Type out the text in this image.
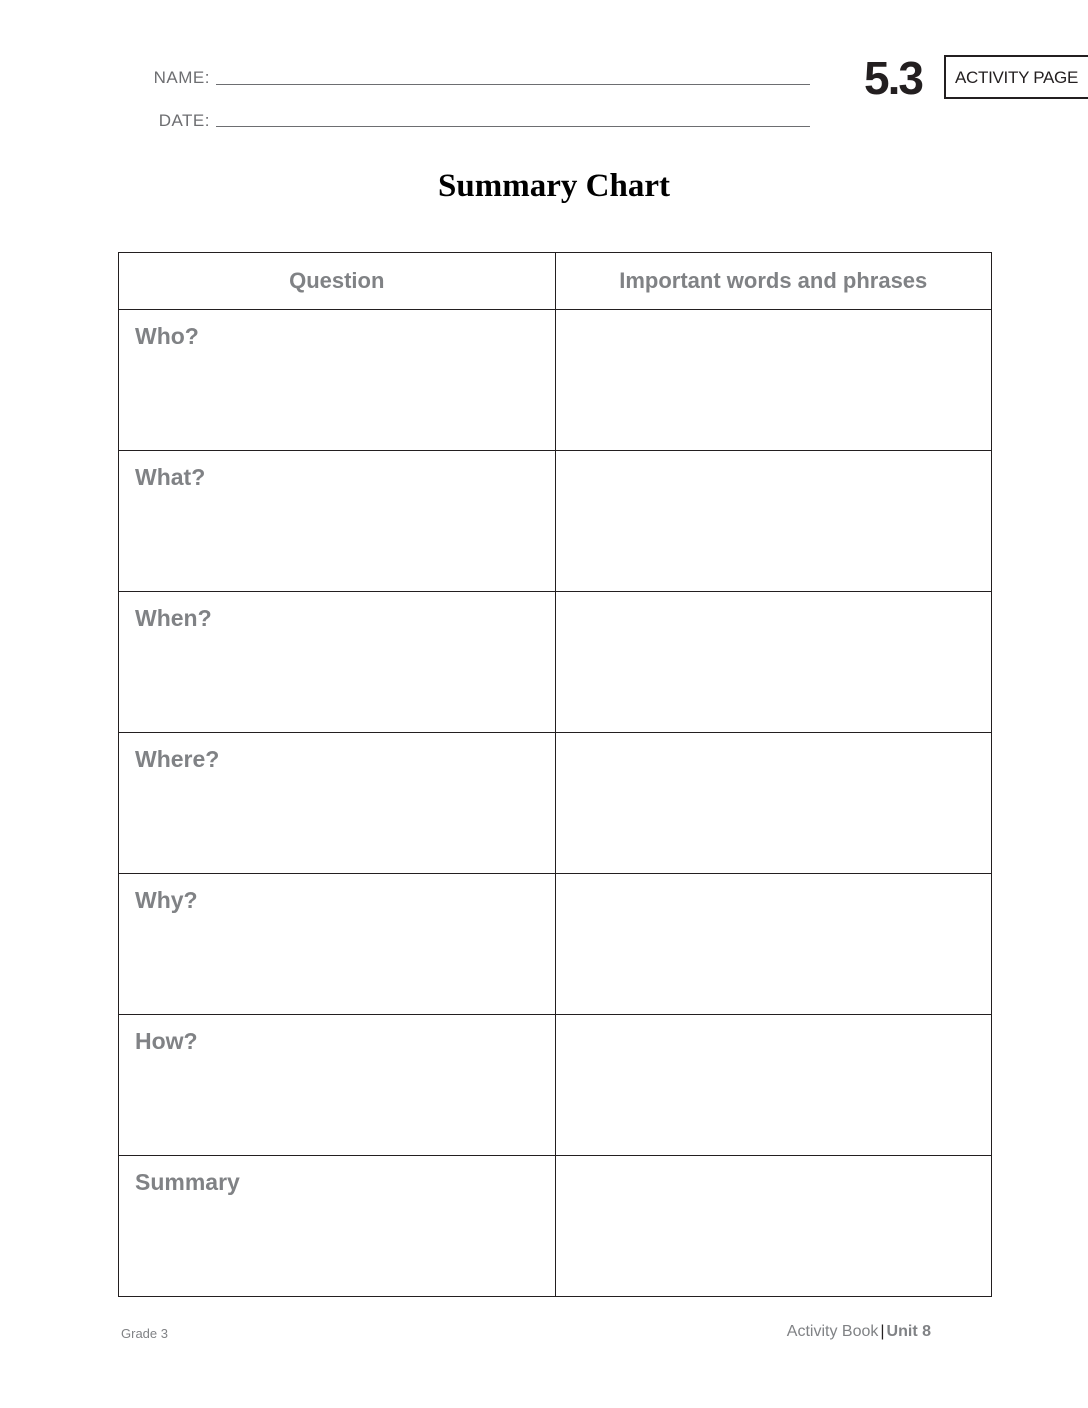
NAME:
DATE:
5.3	ACTIVITY PAGE
Summary Chart
Question	Important words and phrases

Who?	

What?	

When?	

Where?	

Why?	

How?	

Summary	

Grade 3	Activity Book | Unit 8
